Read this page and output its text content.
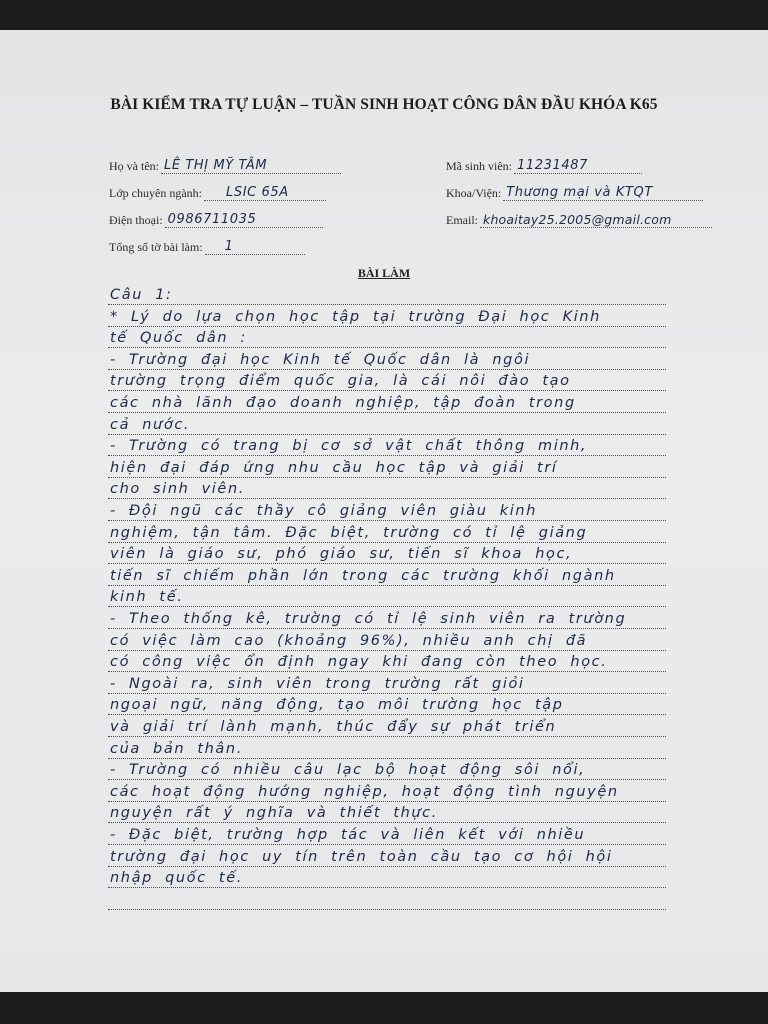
BÀI KIỂM TRA TỰ LUẬN – TUẦN SINH HOẠT CÔNG DÂN ĐẦU KHÓA K65
Họ và tên: LÊ THỊ MỸ TÂM
Lớp chuyên ngành: LSIC 65A
Điện thoại: 0986711035
Tổng số tờ bài làm: 1
Mã sinh viên: 11231487
Khoa/Viện: Thương mại và KTQT
Email: khoaitay25.2005@gmail.com
BÀI LÀM
Câu 1:
* Lý do lựa chọn học tập tại trường Đại học Kinh
tế Quốc dân :
- Trường đại học Kinh tế Quốc dân là ngôi
trường trọng điểm quốc gia, là cái nôi đào tạo
các nhà lãnh đạo doanh nghiệp, tập đoàn trong
cả nước.
- Trường có trang bị cơ sở vật chất thông minh,
hiện đại đáp ứng nhu cầu học tập và giải trí
cho sinh viên.
- Đội ngũ các thầy cô giảng viên giàu kinh
nghiệm, tận tâm. Đặc biệt, trường có tỉ lệ giảng
viên là giáo sư, phó giáo sư, tiến sĩ khoa học,
tiến sĩ chiếm phần lớn trong các trường khối ngành
kinh tế.
- Theo thống kê, trường có tỉ lệ sinh viên ra trường
có việc làm cao (khoảng 96%), nhiều anh chị đã
có công việc ổn định ngay khi đang còn theo học.
- Ngoài ra, sinh viên trong trường rất giỏi
ngoại ngữ, năng động, tạo môi trường học tập
và giải trí lành mạnh, thúc đẩy sự phát triển
của bản thân.
- Trường có nhiều câu lạc bộ hoạt động sôi nổi,
các hoạt động hướng nghiệp, hoạt động tình nguyện
nguyện rất ý nghĩa và thiết thực.
- Đặc biệt, trường hợp tác và liên kết với nhiều
trường đại học uy tín trên toàn cầu tạo cơ hội hội
nhập quốc tế.
